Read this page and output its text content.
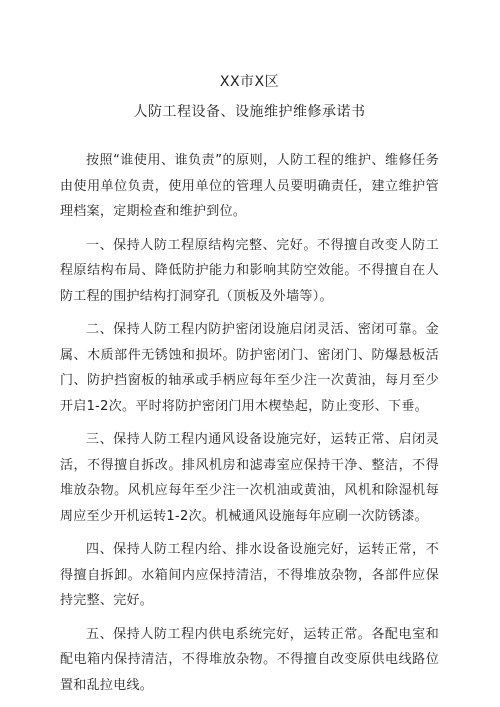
XX市X区
人防工程设备、设施维护维修承诺书

按照“谁使用、谁负责”的原则，人防工程的维护、维修任务由使用单位负责，使用单位的管理人员要明确责任，建立维护管理档案，定期检查和维护到位。

一、保持人防工程原结构完整、完好。不得擅自改变人防工程原结构布局、降低防护能力和影响其防空效能。不得擅自在人防工程的围护结构打洞穿孔（顶板及外墙等）。

二、保持人防工程内防护密闭设施启闭灵活、密闭可靠。金属、木质部件无锈蚀和损坏。防护密闭门、密闭门、防爆悬板活门、防护挡窗板的轴承或手柄应每年至少注一次黄油，每月至少开启1-2次。平时将防护密闭门用木楔垫起，防止变形、下垂。

三、保持人防工程内通风设备设施完好，运转正常、启闭灵活，不得擅自拆改。排风机房和滤毒室应保持干净、整洁，不得堆放杂物。风机应每年至少注一次机油或黄油，风机和除湿机每周应至少开机运转1-2次。机械通风设施每年应刷一次防锈漆。

四、保持人防工程内给、排水设备设施完好，运转正常，不得擅自拆卸。水箱间内应保持清洁，不得堆放杂物，各部件应保持完整、完好。

五、保持人防工程内供电系统完好，运转正常。各配电室和配电箱内保持清洁，不得堆放杂物。不得擅自改变原供电线路位置和乱拉电线。
